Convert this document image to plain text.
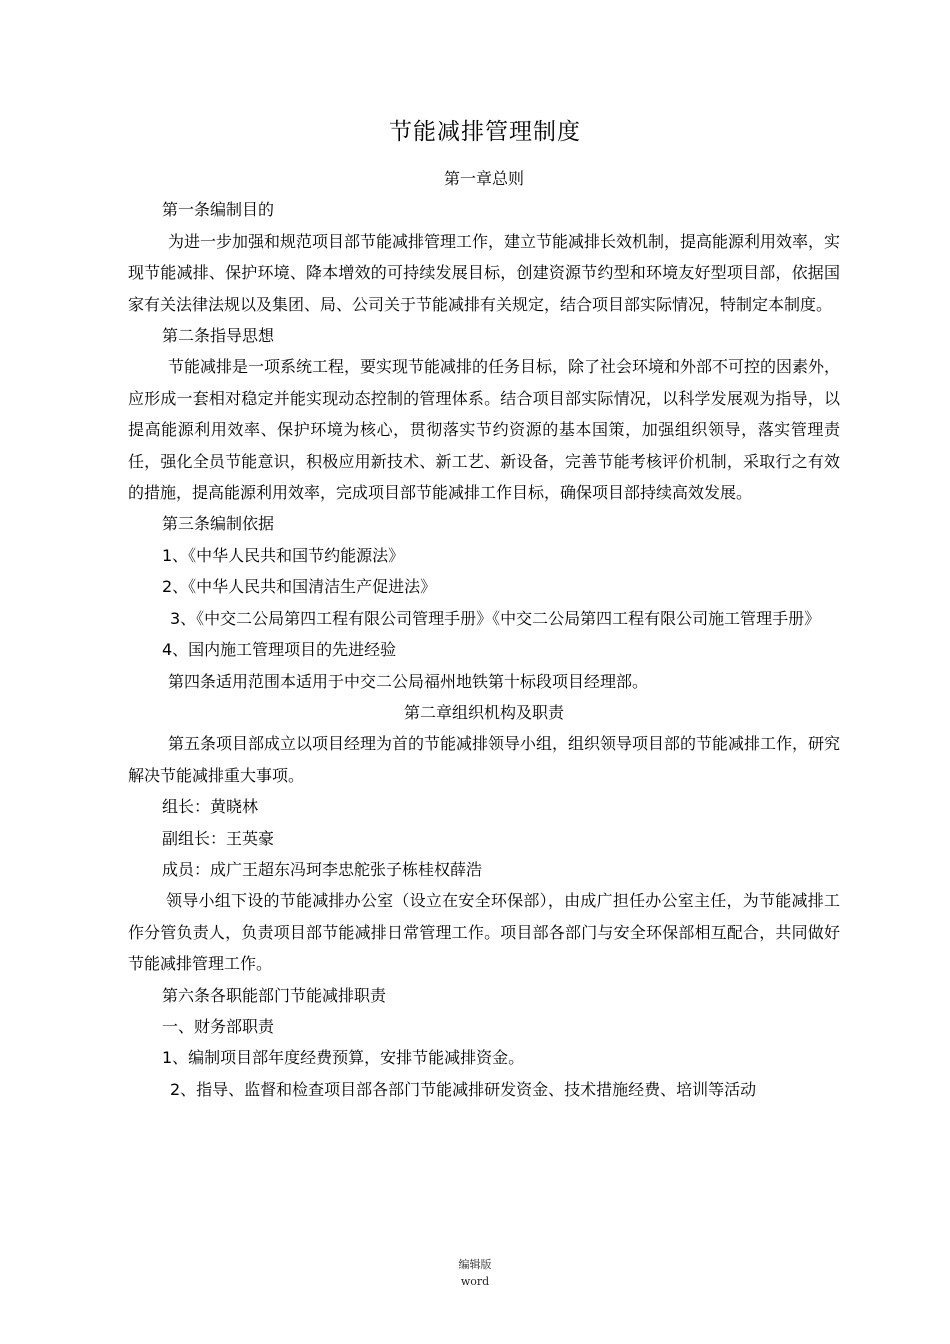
节能减排管理制度

第一章总则

第一条编制目的

为进一步加强和规范项目部节能减排管理工作，建立节能减排长效机制，提高能源利用效率，实现节能减排、保护环境、降本增效的可持续发展目标，创建资源节约型和环境友好型项目部，依据国家有关法律法规以及集团、局、公司关于节能减排有关规定，结合项目部实际情况，特制定本制度。

第二条指导思想

节能减排是一项系统工程，要实现节能减排的任务目标，除了社会环境和外部不可控的因素外，应形成一套相对稳定并能实现动态控制的管理体系。结合项目部实际情况，以科学发展观为指导，以提高能源利用效率、保护环境为核心，贯彻落实节约资源的基本国策，加强组织领导，落实管理责任，强化全员节能意识，积极应用新技术、新工艺、新设备，完善节能考核评价机制，采取行之有效的措施，提高能源利用效率，完成项目部节能减排工作目标，确保项目部持续高效发展。

第三条编制依据

1、《中华人民共和国节约能源法》

2、《中华人民共和国清洁生产促进法》

3、《中交二公局第四工程有限公司管理手册》《中交二公局第四工程有限公司施工管理手册》

4、国内施工管理项目的先进经验

第四条适用范围本适用于中交二公局福州地铁第十标段项目经理部。

第二章组织机构及职责

第五条项目部成立以项目经理为首的节能减排领导小组，组织领导项目部的节能减排工作，研究解决节能减排重大事项。

组长：黄晓林

副组长：王英豪

成员：成广王超东冯珂李忠舵张子栋桂权薛浩

领导小组下设的节能减排办公室（设立在安全环保部），由成广担任办公室主任，为节能减排工作分管负责人，负责项目部节能减排日常管理工作。项目部各部门与安全环保部相互配合，共同做好节能减排管理工作。

第六条各职能部门节能减排职责

一、财务部职责

1、编制项目部年度经费预算，安排节能减排资金。

2、指导、监督和检查项目部各部门节能减排研发资金、技术措施经费、培训等活动

编辑版
word
